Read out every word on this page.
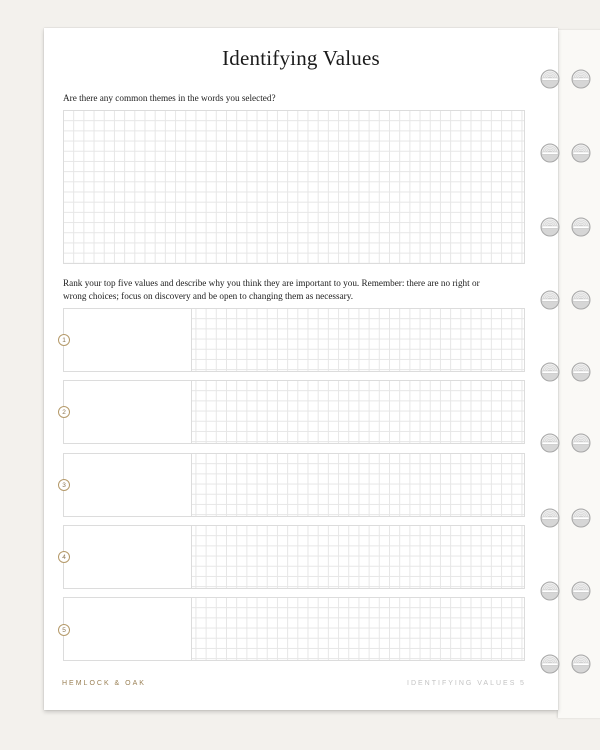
Identifying Values

Are there any common themes in the words you selected?

Rank your top five values and describe why you think they are important to you. Remember: there are no right or

wrong choices; focus on discovery and be open to changing them as necessary.

1
2
3
4
5
HEMLOCK & OAK	IDENTIFYING VALUES 5
